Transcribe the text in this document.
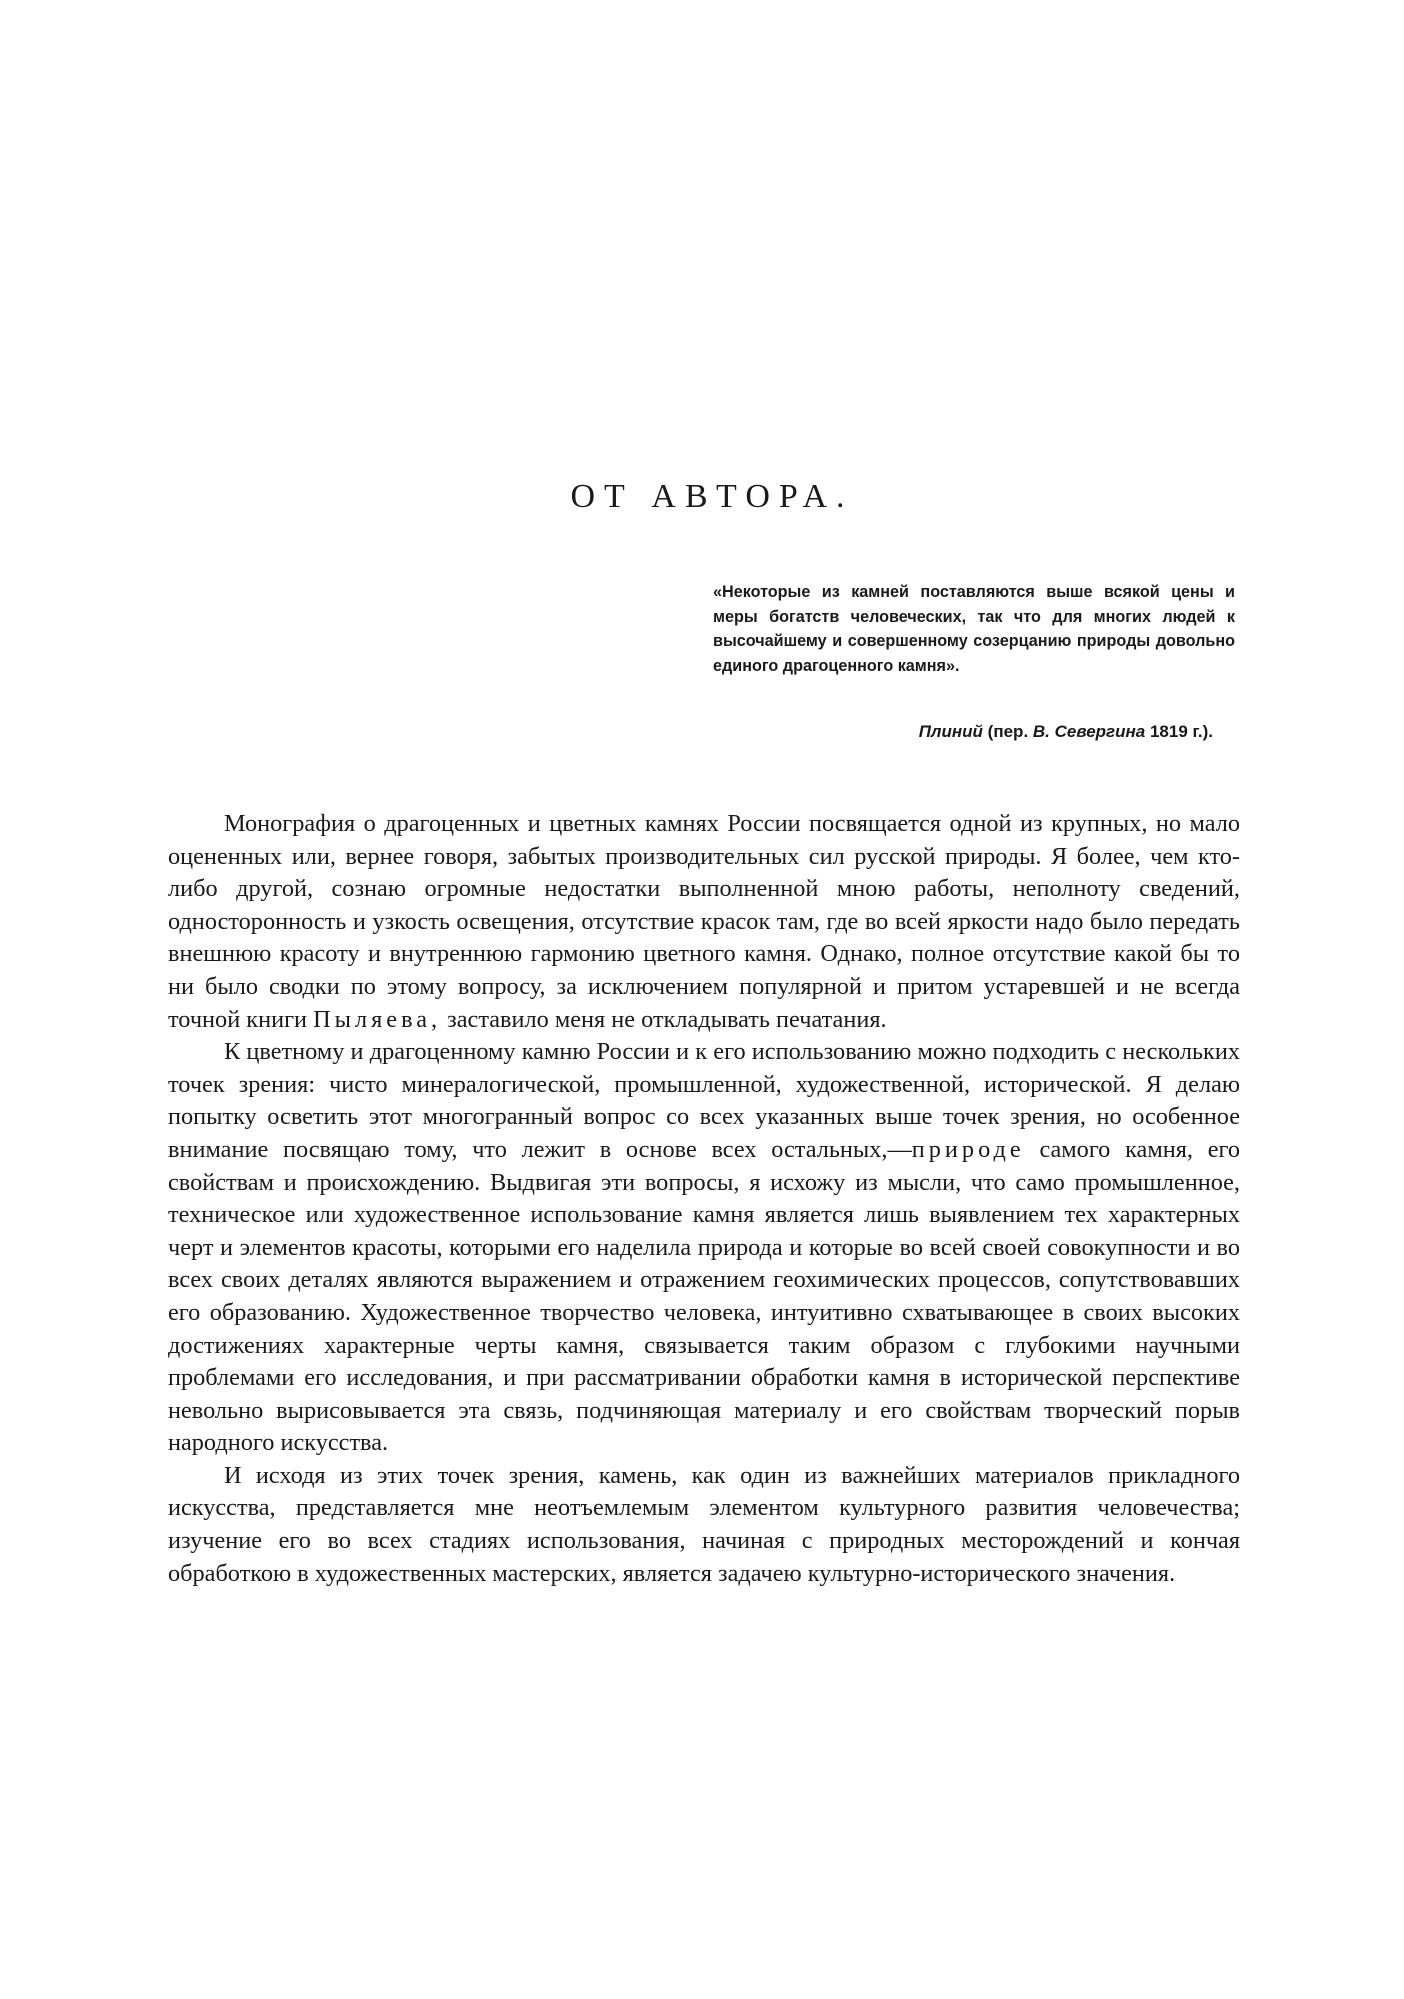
ОТ АВТОРА.

«Некоторые из камней поставляются выше всякой цены и меры богатств человеческих, так что для многих людей к высочайшему и совершенному созерцанию природы довольно единого драгоценного камня».

Плиний (пер. В. Севергина 1819 г.).

Монография о драгоценных и цветных камнях России посвящается одной из крупных, но мало оцененных или, вернее говоря, забытых производительных сил русской природы. Я более, чем кто-либо другой, сознаю огромные недостатки выполненной мною работы, неполноту сведений, односторонность и узкость освещения, отсутствие красок там, где во всей яркости надо было передать внешнюю красоту и внутреннюю гармонию цветного камня. Однако, полное отсутствие какой бы то ни было сводки по этому вопросу, за исключением популярной и притом устаревшей и не всегда точной книги Пыляева, заставило меня не откладывать печатания.

К цветному и драгоценному камню России и к его использованию можно подходить с нескольких точек зрения: чисто минералогической, промышленной, художественной, исторической. Я делаю попытку осветить этот многогранный вопрос со всех указанных выше точек зрения, но особенное внимание посвящаю тому, что лежит в основе всех остальных,—природе самого камня, его свойствам и происхождению. Выдвигая эти вопросы, я исхожу из мысли, что само промышленное, техническое или художественное использование камня является лишь выявлением тех характерных черт и элементов красоты, которыми его наделила природа и которые во всей своей совокупности и во всех своих деталях являются выражением и отражением геохимических процессов, сопутствовавших его образованию. Художественное творчество человека, интуитивно схватывающее в своих высоких достижениях характерные черты камня, связывается таким образом с глубокими научными проблемами его исследования, и при рассматривании обработки камня в исторической перспективе невольно вырисовывается эта связь, подчиняющая материалу и его свойствам творческий порыв народного искусства.

И исходя из этих точек зрения, камень, как один из важнейших материалов прикладного искусства, представляется мне неотъемлемым элементом культурного развития человечества; изучение его во всех стадиях использования, начиная с природных месторождений и кончая обработкою в художественных мастерских, является задачею культурно-исторического значения.
